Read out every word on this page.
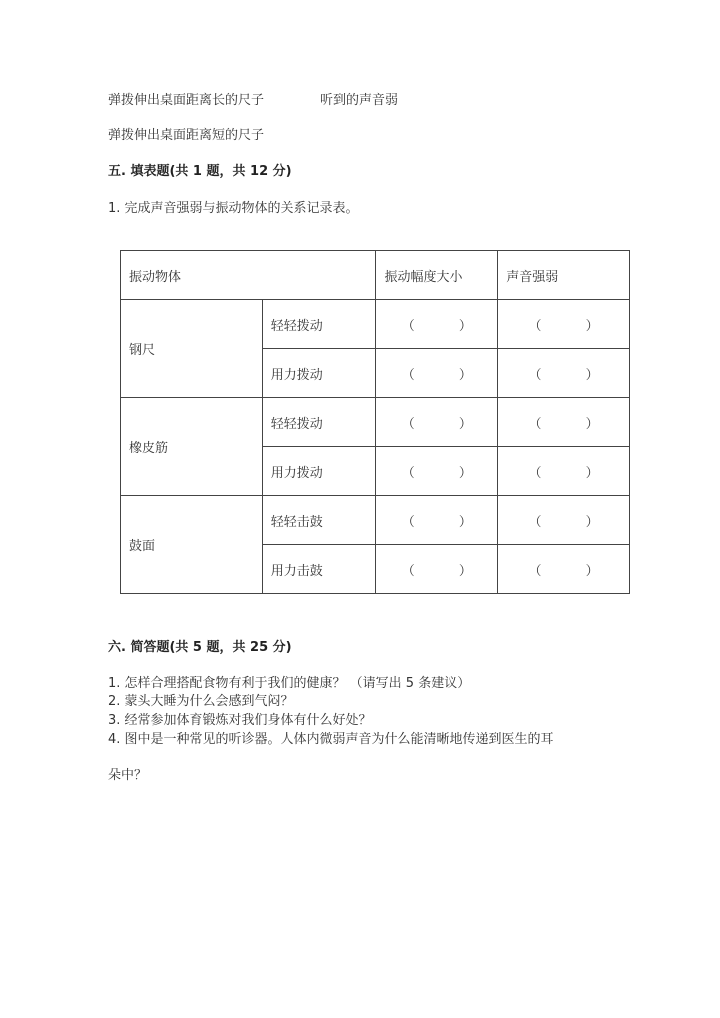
弹拨伸出桌面距离长的尺子	听到的声音弱
弹拨伸出桌面距离短的尺子
五. 填表题(共 1 题，共 12 分)
1. 完成声音强弱与振动物体的关系记录表。
振动物体		振动幅度大小	声音强弱
钢尺	轻轻拨动	（ ）	（ ）
	用力拨动	（ ）	（ ）
橡皮筋	轻轻拨动	（ ）	（ ）
	用力拨动	（ ）	（ ）
鼓面	轻轻击鼓	（ ）	（ ）
	用力击鼓	（ ）	（ ）
六. 简答题(共 5 题，共 25 分)
1. 怎样合理搭配食物有利于我们的健康？ （请写出 5 条建议）
2. 蒙头大睡为什么会感到气闷？
3. 经常参加体育锻炼对我们身体有什么好处？
4. 图中是一种常见的听诊器。人体内微弱声音为什么能清晰地传递到医生的耳
朵中？
